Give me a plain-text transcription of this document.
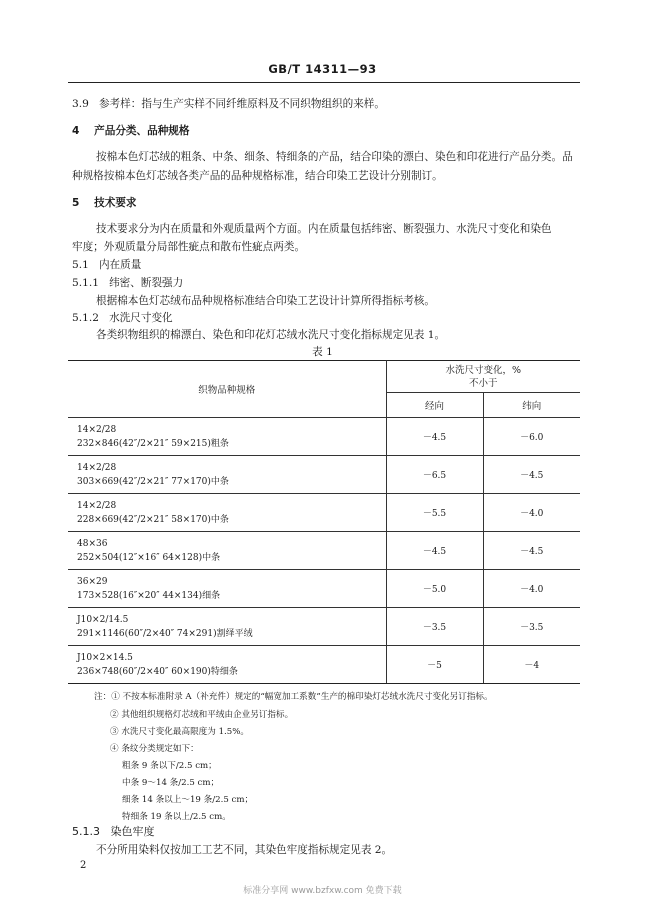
GB/T 14311—93
3.9 参考样：指与生产实样不同纤维原料及不同织物组织的来样。
4 产品分类、品种规格
按棉本色灯芯绒的粗条、中条、细条、特细条的产品，结合印染的漂白、染色和印花进行产品分类。品
种规格按棉本色灯芯绒各类产品的品种规格标准，结合印染工艺设计分别制订。
5 技术要求
技术要求分为内在质量和外观质量两个方面。内在质量包括纬密、断裂强力、水洗尺寸变化和染色
牢度；外观质量分局部性疵点和散布性疵点两类。
5.1 内在质量
5.1.1 纬密、断裂强力
根据棉本色灯芯绒布品种规格标准结合印染工艺设计计算所得指标考核。
5.1.2 水洗尺寸变化
各类织物组织的棉漂白、染色和印花灯芯绒水洗尺寸变化指标规定见表 1。
表 1
织物品种规格	水洗尺寸变化，%
不小于	

	经向	纬向

14×2/28
232×846(42″/2×21″ 59×215)粗条	－4.5	－6.0

14×2/28
303×669(42″/2×21″ 77×170)中条	－6.5	－4.5

14×2/28
228×669(42″/2×21″ 58×170)中条	－5.5	－4.0

48×36
252×504(12″×16″ 64×128)中条	－4.5	－4.5

36×29
173×528(16″×20″ 44×134)细条	－5.0	－4.0

J10×2/14.5
291×1146(60″/2×40″ 74×291)割绎平绒	－3.5	－3.5

J10×2×14.5
236×748(60″/2×40″ 60×190)特细条	－5	－4
注：① 不按本标准附录 A（补充件）规定的“幅宽加工系数”生产的棉印染灯芯绒水洗尺寸变化另订指标。
② 其他组织规格灯芯绒和平绒由企业另订指标。
③ 水洗尺寸变化最高限度为 1.5%。
④ 条纹分类规定如下：
粗条 9 条以下/2.5 cm；
中条 9～14 条/2.5 cm；
细条 14 条以上～19 条/2.5 cm；
特细条 19 条以上/2.5 cm。
5.1.3 染色牢度
不分所用染料仅按加工工艺不同，其染色牢度指标规定见表 2。
2
标准分享网 www.bzfxw.com 免费下载
